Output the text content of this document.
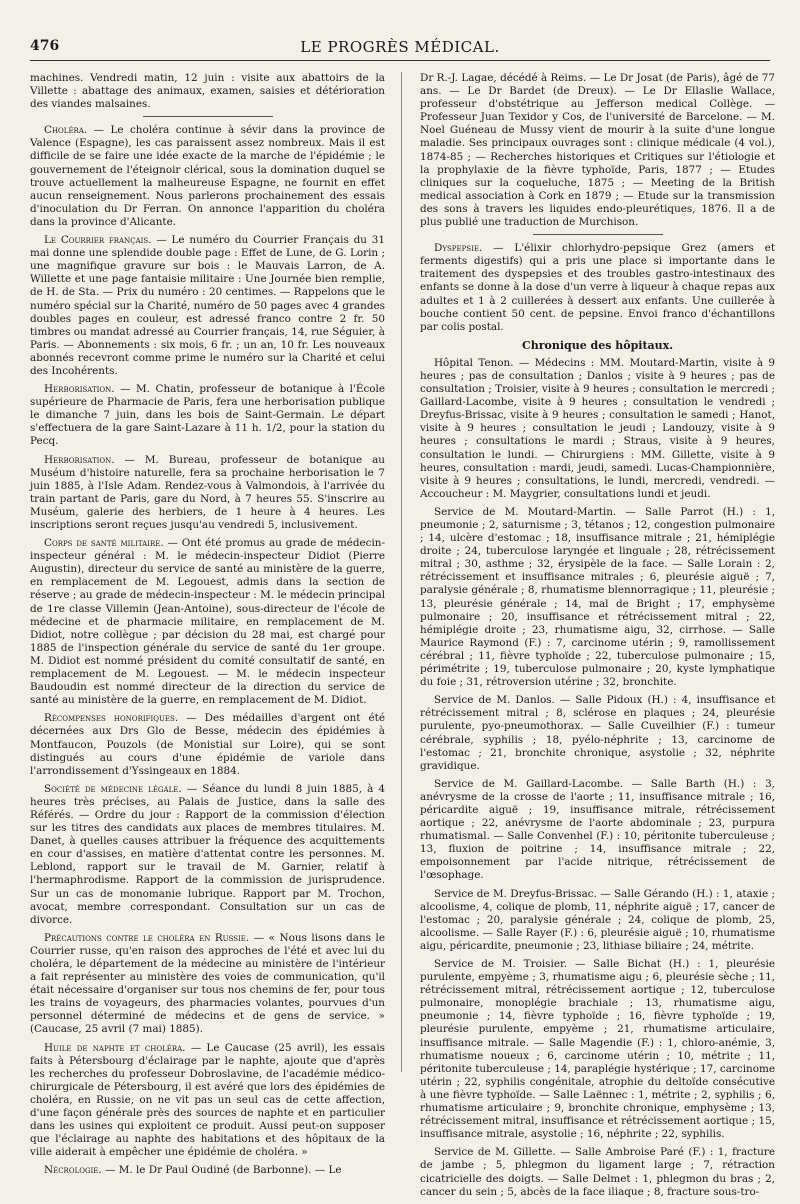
476	LE PROGRÈS MÉDICAL.

machines. Vendredi matin, 12 juin : visite aux abattoirs de la Villette : abattage des animaux, examen, saisies et détérioration des viandes malsaines.

Choléra. — Le choléra continue à sévir dans la province de Valence (Espagne), les cas paraissent assez nombreux. Mais il est difficile de se faire une idée exacte de la marche de l'épidémie ; le gouvernement de l'éteignoir clérical, sous la domination duquel se trouve actuellement la malheureuse Espagne, ne fournit en effet aucun renseignement. Nous parlerons prochainement des essais d'inoculation du Dr Ferran. On annonce l'apparition du choléra dans la province d'Alicante.

Le Courrier français. — Le numéro du Courrier Français du 31 mai donne une splendide double page : Effet de Lune, de G. Lorin ; une magnifique gravure sur bois : le Mauvais Larron, de A. Willette et une page fantaisie militaire : Une Journée bien remplie, de H. de Sta. — Prix du numéro : 20 centimes. — Rappelons que le numéro spécial sur la Charité, numéro de 50 pages avec 4 grandes doubles pages en couleur, est adressé franco contre 2 fr. 50 timbres ou mandat adressé au Courrier français, 14, rue Séguier, à Paris. — Abonnements : six mois, 6 fr. ; un an, 10 fr. Les nouveaux abonnés recevront comme prime le numéro sur la Charité et celui des Incohérents.

Herborisation. — M. Chatin, professeur de botanique à l'École supérieure de Pharmacie de Paris, fera une herborisation publique le dimanche 7 juin, dans les bois de Saint-Germain. Le départ s'effectuera de la gare Saint-Lazare à 11 h. 1/2, pour la station du Pecq.

Herborisation. — M. Bureau, professeur de botanique au Muséum d'histoire naturelle, fera sa prochaine herborisation le 7 juin 1885, à l'Isle Adam. Rendez-vous à Valmondois, à l'arrivée du train partant de Paris, gare du Nord, à 7 heures 55. S'inscrire au Muséum, galerie des herbiers, de 1 heure à 4 heures. Les inscriptions seront reçues jusqu'au vendredi 5, inclusivement.

Corps de santé militaire. — Ont été promus au grade de médecin-inspecteur général : M. le médecin-inspecteur Didiot (Pierre Augustin), directeur du service de santé au ministère de la guerre, en remplacement de M. Legouest, admis dans la section de réserve ; au grade de médecin-inspecteur : M. le médecin principal de 1re classe Villemin (Jean-Antoine), sous-directeur de l'école de médecine et de pharmacie militaire, en remplacement de M. Didiot, notre collègue ; par décision du 28 mai, est chargé pour 1885 de l'inspection générale du service de santé du 1er groupe. M. Didiot est nommé président du comité consultatif de santé, en remplacement de M. Legouest. — M. le médecin inspecteur Baudoudin est nommé directeur de la direction du service de santé au ministère de la guerre, en remplacement de M. Didiot.

Récompenses honorifiques. — Des médailles d'argent ont été décernées aux Drs Glo de Besse, médecin des épidémies à Montfaucon, Pouzols (de Monistial sur Loire), qui se sont distingués au cours d'une épidémie de variole dans l'arrondissement d'Yssingeaux en 1884.

Société de médecine légale. — Séance du lundi 8 juin 1885, à 4 heures très précises, au Palais de Justice, dans la salle des Référés. — Ordre du jour : Rapport de la commission d'élection sur les titres des candidats aux places de membres titulaires. M. Danet, à quelles causes attribuer la fréquence des acquittements en cour d'assises, en matière d'attentat contre les personnes. M. Leblond, rapport sur le travail de M. Garnier, relatif à l'hermaphrodisme. Rapport de la commission de jurisprudence. Sur un cas de monomanie lubrique. Rapport par M. Trochon, avocat, membre correspondant. Consultation sur un cas de divorce.

Précautions contre le choléra en Russie. — « Nous lisons dans le Courrier russe, qu'en raison des approches de l'été et avec lui du choléra, le département de la médecine au ministère de l'intérieur a fait représenter au ministère des voies de communication, qu'il était nécessaire d'organiser sur tous nos chemins de fer, pour tous les trains de voyageurs, des pharmacies volantes, pourvues d'un personnel déterminé de médecins et de gens de service. » (Caucase, 25 avril (7 mai) 1885).

Huile de naphte et choléra. — Le Caucase (25 avril), les essais faits à Pétersbourg d'éclairage par le naphte, ajoute que d'après les recherches du professeur Dobroslavine, de l'académie médico-chirurgicale de Pétersbourg, il est avéré que lors des épidémies de choléra, en Russie, on ne vit pas un seul cas de cette affection, d'une façon générale près des sources de naphte et en particulier dans les usines qui exploitent ce produit. Aussi peut-on supposer que l'éclairage au naphte des habitations et des hôpitaux de la ville aiderait à empêcher une épidémie de choléra. »

Nécrologie. — M. le Dr Paul Oudiné (de Barbonne). — Le

Dr R.-J. Lagae, décédé à Reims. — Le Dr Josat (de Paris), âgé de 77 ans. — Le Dr Bardet (de Dreux). — Le Dr Ellaslie Wallace, professeur d'obstétrique au Jefferson medical Collège. — Professeur Juan Texidor y Cos, de l'université de Barcelone. — M. Noel Guéneau de Mussy vient de mourir à la suite d'une longue maladie. Ses principaux ouvrages sont : clinique médicale (4 vol.), 1874-85 ; — Recherches historiques et Critiques sur l'étiologie et la prophylaxie de la fièvre typhoïde, Paris, 1877 ; — Etudes cliniques sur la coqueluche, 1875 ; — Meeting de la British medical association à Cork en 1879 ; — Etude sur la transmission des sons à travers les liquides endo-pleurétiques, 1876. Il a de plus publié une traduction de Murchison.

Dyspepsie. — L'élixir chlorhydro-pepsique Grez (amers et ferments digestifs) qui a pris une place si importante dans le traitement des dyspepsies et des troubles gastro-intestinaux des enfants se donne à la dose d'un verre à liqueur à chaque repas aux adultes et 1 à 2 cuillerées à dessert aux enfants. Une cuillerée à bouche contient 50 cent. de pepsine. Envoi franco d'échantillons par colis postal.

Chronique des hôpitaux.

Hôpital Tenon. — Médecins : MM. Moutard-Martin, visite à 9 heures ; pas de consultation ; Danlos ; visite à 9 heures ; pas de consultation ; Troisier, visite à 9 heures ; consultation le mercredi ; Gaillard-Lacombe, visite à 9 heures ; consultation le vendredi ; Dreyfus-Brissac, visite à 9 heures ; consultation le samedi ; Hanot, visite à 9 heures ; consultation le jeudi ; Landouzy, visite à 9 heures ; consultations le mardi ; Straus, visite à 9 heures, consultation le lundi. — Chirurgiens : MM. Gillette, visite à 9 heures, consultation : mardi, jeudi, samedi. Lucas-Championnière, visite à 9 heures ; consultations, le lundi, mercredi, vendredi. — Accoucheur : M. Maygrier, consultations lundi et jeudi.

Service de M. Moutard-Martin. — Salle Parrot (H.) : 1, pneumonie ; 2, saturnisme ; 3, tétanos ; 12, congestion pulmonaire ; 14, ulcère d'estomac ; 18, insuffisance mitrale ; 21, hémiplégie droite ; 24, tuberculose laryngée et linguale ; 28, rétrécissement mitral ; 30, asthme ; 32, érysipèle de la face. — Salle Lorain : 2, rétrécissement et insuffisance mitrales ; 6, pleurésie aiguë ; 7, paralysie générale ; 8, rhumatisme blennorragique ; 11, pleurésie ; 13, pleurésie générale ; 14, mal de Bright ; 17, emphysème pulmonaire ; 20, insuffisance et rétrécissement mitral ; 22, hémiplégie droite ; 23, rhumatisme aigu, 32, cirrhose. — Salle Maurice Raymond (F.) : 7, carcinome utérin ; 9, ramollissement cérébral ; 11, fièvre typhoïde ; 22, tuberculose pulmonaire ; 15, périmétrite ; 19, tuberculose pulmonaire ; 20, kyste lymphatique du foie ; 31, rétroversion utérine ; 32, bronchite.

Service de M. Danlos. — Salle Pidoux (H.) : 4, insuffisance et rétrécissement mitral ; 8, sclérose en plaques ; 24, pleurésie purulente, pyo-pneumothorax. — Salle Cuveilhier (F.) : tumeur cérébrale, syphilis ; 18, pyélo-néphrite ; 13, carcinome de l'estomac ; 21, bronchite chronique, asystolie ; 32, néphrite gravidique.

Service de M. Gaillard-Lacombe. — Salle Barth (H.) : 3, anévrysme de la crosse de l'aorte ; 11, insuffisance mitrale ; 16, péricardite aiguë ; 19, insuffisance mitrale, rétrécissement aortique ; 22, anévrysme de l'aorte abdominale ; 23, purpura rhumatismal. — Salle Convenhel (F.) : 10, péritonite tuberculeuse ; 13, fluxion de poitrine ; 14, insuffisance mitrale ; 22, empoisonnement par l'acide nitrique, rétrécissement de l'œsophage.

Service de M. Dreyfus-Brissac. — Salle Gérando (H.) : 1, ataxie ; alcoolisme, 4, colique de plomb, 11, néphrite aiguë ; 17, cancer de l'estomac ; 20, paralysie générale ; 24, colique de plomb, 25, alcoolisme. — Salle Rayer (F.) : 6, pleurésie aiguë ; 10, rhumatisme aigu, péricardite, pneumonie ; 23, lithiase biliaire ; 24, métrite.

Service de M. Troisier. — Salle Bichat (H.) : 1, pleurésie purulente, empyème ; 3, rhumatisme aigu ; 6, pleurésie sèche ; 11, rétrécissement mitral, rétrécissement aortique ; 12, tuberculose pulmonaire, monoplégie brachiale ; 13, rhumatisme aigu, pneumonie ; 14, fièvre typhoïde ; 16, fièvre typhoïde ; 19, pleurésie purulente, empyème ; 21, rhumatisme articulaire, insuffisance mitrale. — Salle Magendie (F.) : 1, chloro-anémie, 3, rhumatisme noueux ; 6, carcinome utérin ; 10, métrite ; 11, péritonite tuberculeuse ; 14, paraplégie hystérique ; 17, carcinome utérin ; 22, syphilis congénitale, atrophie du deltoïde consécutive à une fièvre typhoïde. — Salle Laënnec : 1, métrite ; 2, syphilis ; 6, rhumatisme articulaire ; 9, bronchite chronique, emphysème ; 13, rétrécissement mitral, insuffisance et rétrécissement aortique ; 15, insuffisance mitrale, asystolie ; 16, néphrite ; 22, syphilis.

Service de M. Gillette. — Salle Ambroise Paré (F.) : 1, fracture de jambe ; 5, phlegmon du ligament large ; 7, rétraction cicatricielle des doigts. — Salle Delmet : 1, phlegmon du bras ; 2, cancer du sein ; 5, abcès de la face iliaque ; 8, fracture sous-tro-
